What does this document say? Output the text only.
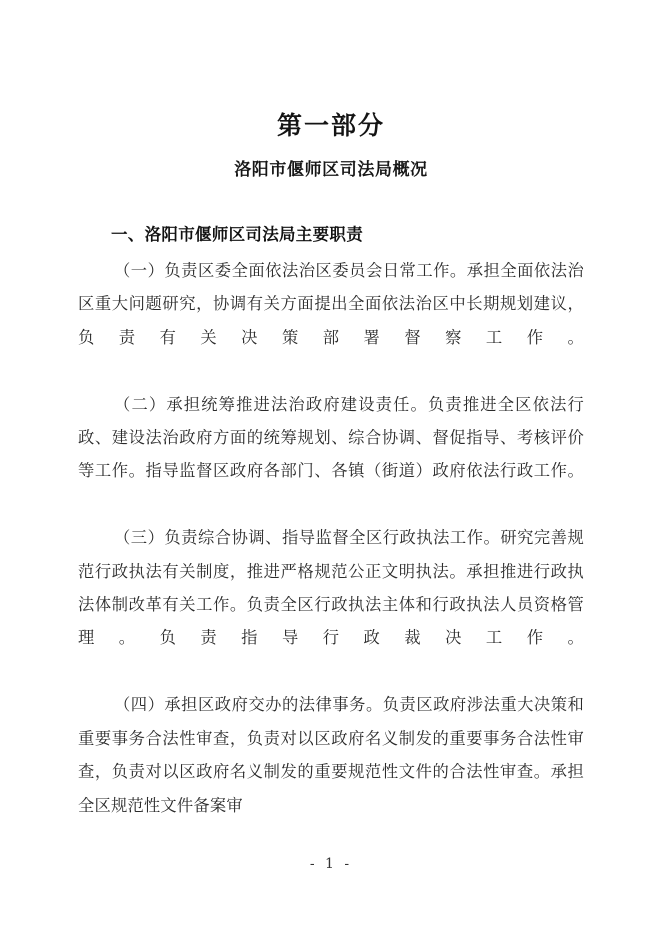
第一部分
洛阳市偃师区司法局概况

一、洛阳市偃师区司法局主要职责

（一）负责区委全面依法治区委员会日常工作。承担全面依法治区重大问题研究，协调有关方面提出全面依法治区中长期规划建议，负责有关决策部署督察工作。

（二）承担统筹推进法治政府建设责任。负责推进全区依法行政、建设法治政府方面的统筹规划、综合协调、督促指导、考核评价等工作。指导监督区政府各部门、各镇（街道）政府依法行政工作。

（三）负责综合协调、指导监督全区行政执法工作。研究完善规范行政执法有关制度，推进严格规范公正文明执法。承担推进行政执法体制改革有关工作。负责全区行政执法主体和行政执法人员资格管理。负责指导行政裁决工作。

（四）承担区政府交办的法律事务。负责区政府涉法重大决策和重要事务合法性审查，负责对以区政府名义制发的重要事务合法性审查，负责对以区政府名义制发的重要规范性文件的合法性审查。承担全区规范性文件备案审

- 1 -
